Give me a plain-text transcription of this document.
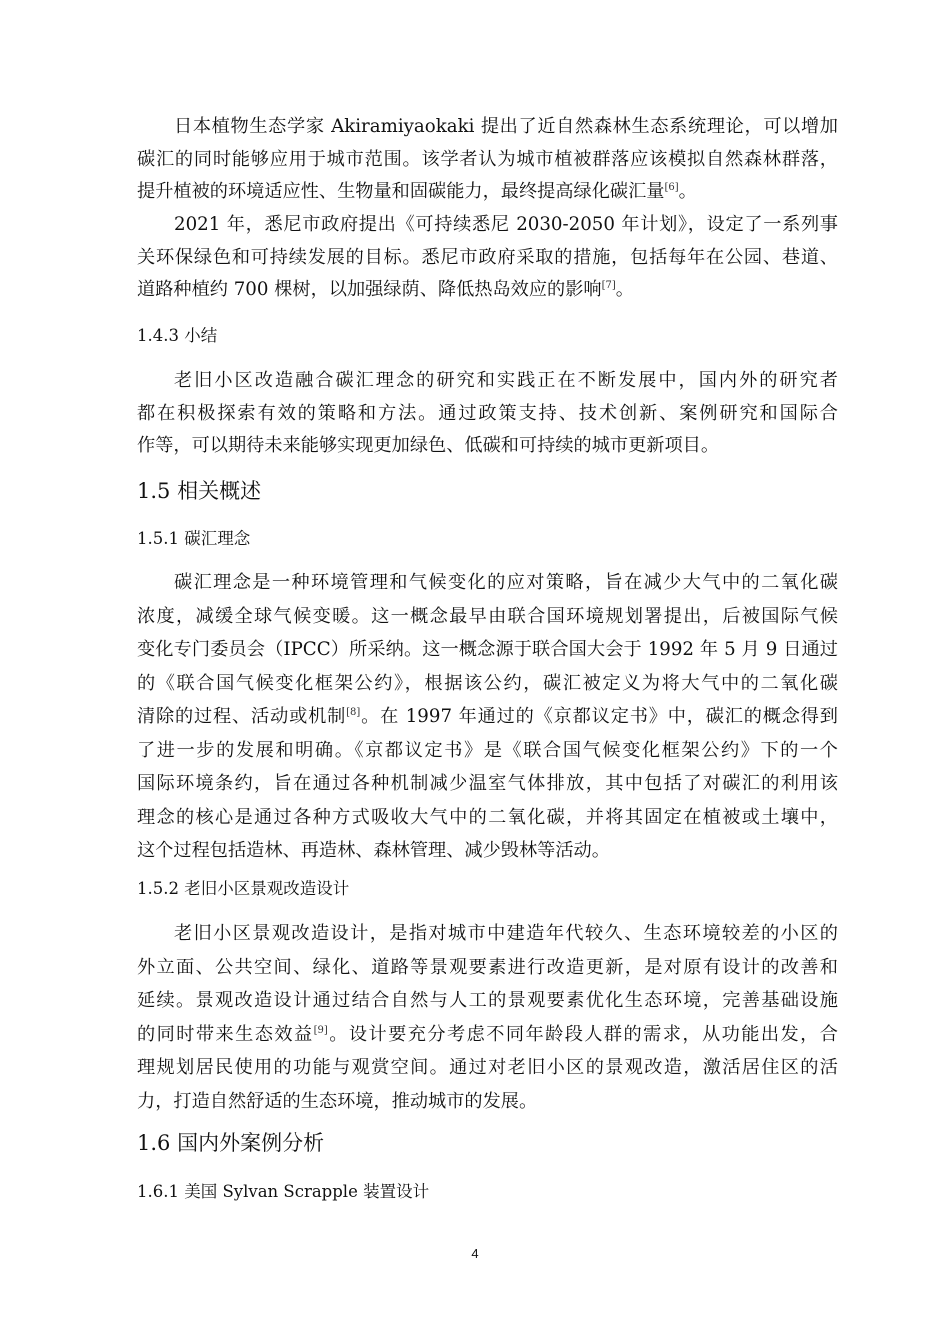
日本植物生态学家 Akiramiyaokaki 提出了近自然森林生态系统理论，可以增加
碳汇的同时能够应用于城市范围。该学者认为城市植被群落应该模拟自然森林群落，
提升植被的环境适应性、生物量和固碳能力，最终提高绿化碳汇量[6]。
2021 年，悉尼市政府提出《可持续悉尼 2030-2050 年计划》，设定了一系列事
关环保绿色和可持续发展的目标。悉尼市政府采取的措施，包括每年在公园、巷道、
道路种植约 700 棵树，以加强绿荫、降低热岛效应的影响[7]。
1.4.3 小结
老旧小区改造融合碳汇理念的研究和实践正在不断发展中，国内外的研究者
都在积极探索有效的策略和方法。通过政策支持、技术创新、案例研究和国际合
作等，可以期待未来能够实现更加绿色、低碳和可持续的城市更新项目。
1.5 相关概述
1.5.1 碳汇理念
碳汇理念是一种环境管理和气候变化的应对策略，旨在减少大气中的二氧化碳
浓度，减缓全球气候变暖。这一概念最早由联合国环境规划署提出，后被国际气候
变化专门委员会（IPCC）所采纳。这一概念源于联合国大会于 1992 年 5 月 9 日通过
的《联合国气候变化框架公约》，根据该公约，碳汇被定义为将大气中的二氧化碳
清除的过程、活动或机制[8]。在 1997 年通过的《京都议定书》中，碳汇的概念得到
了进一步的发展和明确。《京都议定书》是《联合国气候变化框架公约》下的一个
国际环境条约，旨在通过各种机制减少温室气体排放，其中包括了对碳汇的利用该
理念的核心是通过各种方式吸收大气中的二氧化碳，并将其固定在植被或土壤中，
这个过程包括造林、再造林、森林管理、减少毁林等活动。
1.5.2 老旧小区景观改造设计
老旧小区景观改造设计，是指对城市中建造年代较久、生态环境较差的小区的
外立面、公共空间、绿化、道路等景观要素进行改造更新，是对原有设计的改善和
延续。景观改造设计通过结合自然与人工的景观要素优化生态环境，完善基础设施
的同时带来生态效益[9]。设计要充分考虑不同年龄段人群的需求，从功能出发，合
理规划居民使用的功能与观赏空间。通过对老旧小区的景观改造，激活居住区的活
力，打造自然舒适的生态环境，推动城市的发展。
1.6 国内外案例分析
1.6.1 美国 Sylvan Scrapple 装置设计
4
